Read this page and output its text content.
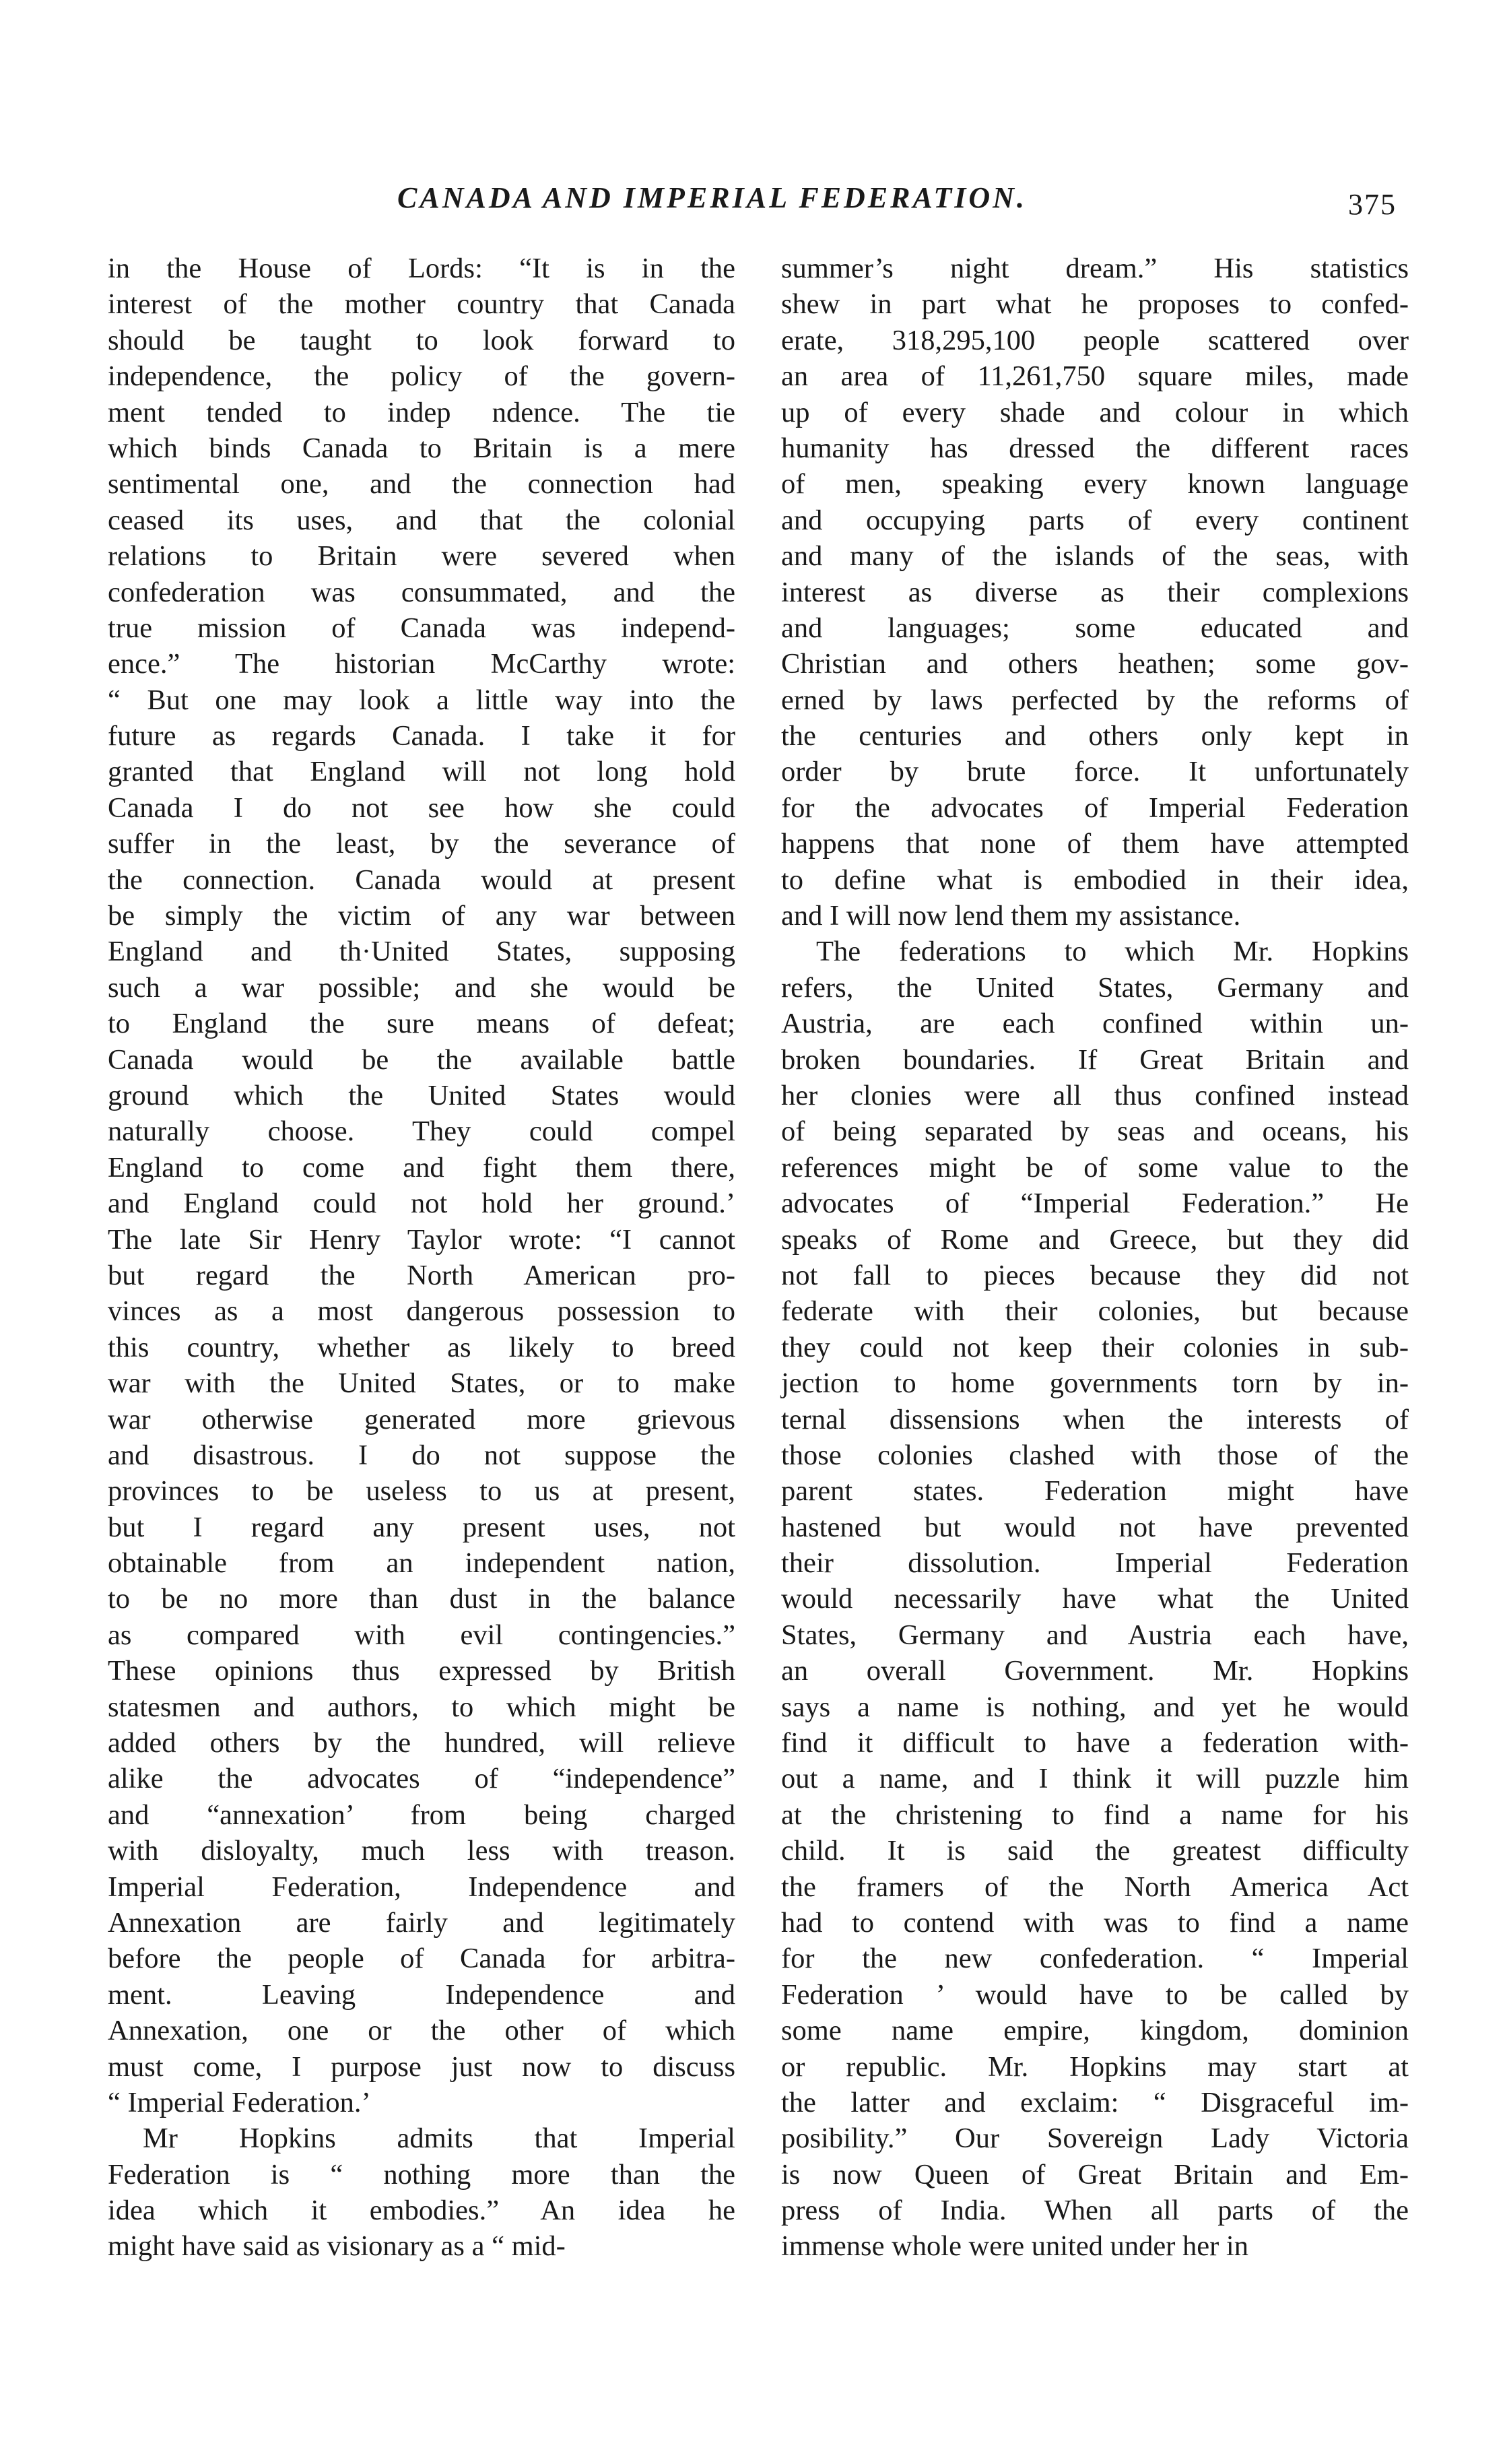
CANADA AND IMPERIAL FEDERATION.	375
in the House of Lords: “It is in the
interest of the mother country that Canada
should be taught to look forward to
independence, the policy of the govern-
ment tended to indep ndence. The tie
which binds Canada to Britain is a mere
sentimental one, and the connection had
ceased its uses, and that the colonial
relations to Britain were severed when
confederation was consummated, and the
true mission of Canada was independ-
ence.” The historian McCarthy wrote:
“ But one may look a little way into the
future as regards Canada. I take it for
granted that England will not long hold
Canada I do not see how she could
suffer in the least, by the severance of
the connection. Canada would at present
be simply the victim of any war between
England and th·United States, supposing
such a war possible; and she would be
to England the sure means of defeat;
Canada would be the available battle
ground which the United States would
naturally choose. They could compel
England to come and fight them there,
and England could not hold her ground.’
The late Sir Henry Taylor wrote: “I cannot
but regard the North American pro-
vinces as a most dangerous possession to
this country, whether as likely to breed
war with the United States, or to make
war otherwise generated more grievous
and disastrous. I do not suppose the
provinces to be useless to us at present,
but I regard any present uses, not
obtainable from an independent nation,
to be no more than dust in the balance
as compared with evil contingencies.”
These opinions thus expressed by British
statesmen and authors, to which might be
added others by the hundred, will relieve
alike the advocates of “independence”
and “annexation’ from being charged
with disloyalty, much less with treason.
Imperial Federation, Independence and
Annexation are fairly and legitimately
before the people of Canada for arbitra-
ment. Leaving Independence and
Annexation, one or the other of which
must come, I purpose just now to discuss
“ Imperial Federation.’
Mr Hopkins admits that Imperial
Federation is “ nothing more than the
idea which it embodies.” An idea he
might have said as visionary as a “ mid-
summer’s night dream.” His statistics
shew in part what he proposes to confed-
erate, 318,295,100 people scattered over
an area of 11,261,750 square miles, made
up of every shade and colour in which
humanity has dressed the different races
of men, speaking every known language
and occupying parts of every continent
and many of the islands of the seas, with
interest as diverse as their complexions
and languages; some educated and
Christian and others heathen; some gov-
erned by laws perfected by the reforms of
the centuries and others only kept in
order by brute force. It unfortunately
for the advocates of Imperial Federation
happens that none of them have attempted
to define what is embodied in their idea,
and I will now lend them my assistance.
The federations to which Mr. Hopkins
refers, the United States, Germany and
Austria, are each confined within un-
broken boundaries. If Great Britain and
her clonies were all thus confined instead
of being separated by seas and oceans, his
references might be of some value to the
advocates of “Imperial Federation.” He
speaks of Rome and Greece, but they did
not fall to pieces because they did not
federate with their colonies, but because
they could not keep their colonies in sub-
jection to home governments torn by in-
ternal dissensions when the interests of
those colonies clashed with those of the
parent states. Federation might have
hastened but would not have prevented
their dissolution. Imperial Federation
would necessarily have what the United
States, Germany and Austria each have,
an overall Government. Mr. Hopkins
says a name is nothing, and yet he would
find it difficult to have a federation with-
out a name, and I think it will puzzle him
at the christening to find a name for his
child. It is said the greatest difficulty
the framers of the North America Act
had to contend with was to find a name
for the new confederation. “ Imperial
Federation ’ would have to be called by
some name empire, kingdom, dominion
or republic. Mr. Hopkins may start at
the latter and exclaim: “ Disgraceful im-
posibility.” Our Sovereign Lady Victoria
is now Queen of Great Britain and Em-
press of India. When all parts of the
immense whole were united under her in
